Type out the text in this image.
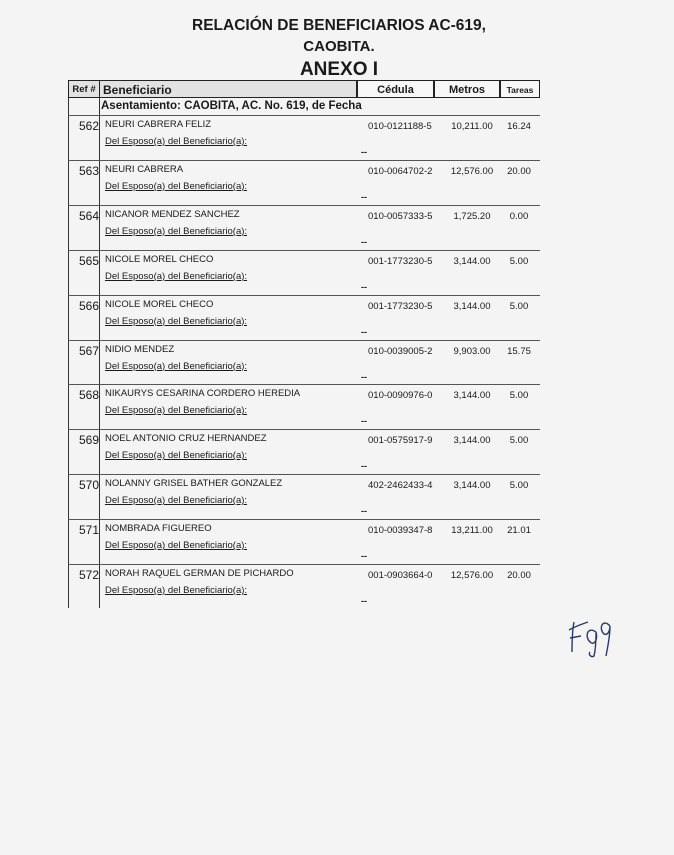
RELACIÓN DE BENEFICIARIOS AC-619,
CAOBITA.
ANEXO I
Ref # Beneficiario	Cédula	Metros	Tareas
Asentamiento: CAOBITA, AC. No. 619, de Fecha
562 NEURI CABRERA FELIZ	010-0121188-5	10,211.00	16.24
Del Esposo(a) del Beneficiario(a):
--
563 NEURI CABRERA	010-0064702-2	12,576.00	20.00
Del Esposo(a) del Beneficiario(a):
--
564 NICANOR MENDEZ SANCHEZ	010-0057333-5	1,725.20	0.00
Del Esposo(a) del Beneficiario(a):
--
565 NICOLE MOREL CHECO	001-1773230-5	3,144.00	5.00
Del Esposo(a) del Beneficiario(a):
--
566 NICOLE MOREL CHECO	001-1773230-5	3,144.00	5.00
Del Esposo(a) del Beneficiario(a):
--
567 NIDIO MENDEZ	010-0039005-2	9,903.00	15.75
Del Esposo(a) del Beneficiario(a):
--
568 NIKAURYS CESARINA CORDERO HEREDIA	010-0090976-0	3,144.00	5.00
Del Esposo(a) del Beneficiario(a):
--
569 NOEL ANTONIO CRUZ HERNANDEZ	001-0575917-9	3,144.00	5.00
Del Esposo(a) del Beneficiario(a):
--
570 NOLANNY GRISEL BATHER GONZALEZ	402-2462433-4	3,144.00	5.00
Del Esposo(a) del Beneficiario(a):
--
571 NOMBRADA FIGUEREO	010-0039347-8	13,211.00	21.01
Del Esposo(a) del Beneficiario(a):
--
572 NORAH RAQUEL GERMAN DE PICHARDO	001-0903664-0	12,576.00	20.00
Del Esposo(a) del Beneficiario(a):
--
